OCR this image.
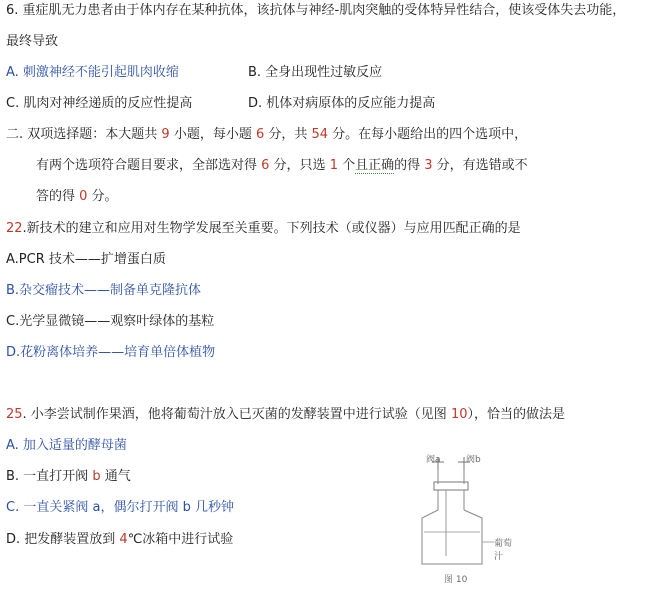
6. 重症肌无力患者由于体内存在某种抗体，该抗体与神经-肌肉突触的受体特异性结合，使该受体失去功能，
最终导致
A. 刺激神经不能引起肌肉收缩	B. 全身出现性过敏反应
C. 肌肉对神经递质的反应性提高	D. 机体对病原体的反应能力提高
二. 双项选择题：本大题共 9 小题，每小题 6 分，共 54 分。在每小题给出的四个选项中，
有两个选项符合题目要求，全部选对得 6 分，只选 1 个且正确的得 3 分，有选错或不
答的得 0 分。
22.新技术的建立和应用对生物学发展至关重要。下列技术（或仪器）与应用匹配正确的是
A.PCR 技术——扩增蛋白质
B.杂交瘤技术——制备单克隆抗体
C.光学显微镜——观察叶绿体的基粒
D.花粉离体培养——培育单倍体植物
25. 小李尝试制作果酒，他将葡萄汁放入已灭菌的发酵装置中进行试验（见图 10），恰当的做法是
A. 加入适量的酵母菌
B. 一直打开阀 b 通气
C. 一直关紧阀 a，偶尔打开阀 b 几秒钟
D. 把发酵装置放到 4℃冰箱中进行试验
阀a	阀b
葡萄汁
图 10
